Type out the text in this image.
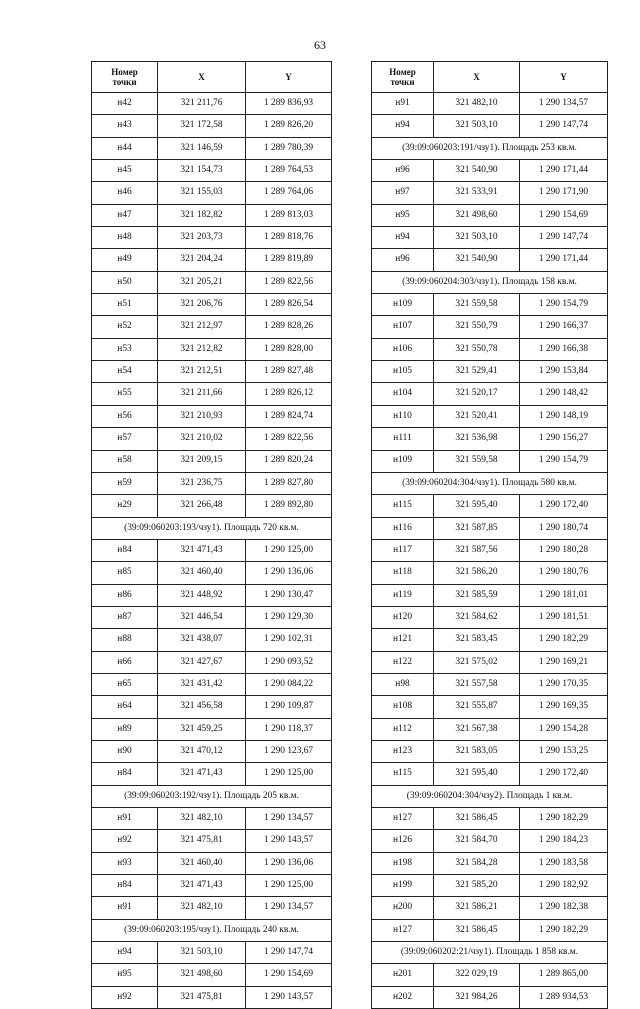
63
Номер
точки	X	Y
н42	321 211,76	1 289 836,93
н43	321 172,58	1 289 826,20
н44	321 146,59	1 289 780,39
н45	321 154,73	1 289 764,53
н46	321 155,03	1 289 764,06
н47	321 182,82	1 289 813,03
н48	321 203,73	1 289 818,76
н49	321 204,24	1 289 819,89
н50	321 205,21	1 289 822,56
н51	321 206,76	1 289 826,54
н52	321 212,97	1 289 828,26
н53	321 212,82	1 289 828,00
н54	321 212,51	1 289 827,48
н55	321 211,66	1 289 826,12
н56	321 210,93	1 289 824,74
н57	321 210,02	1 289 822,56
н58	321 209,15	1 289 820,24
н59	321 236,75	1 289 827,80
н29	321 266,48	1 289 892,80
(39:09:060203:193/чзу1). Площадь 720 кв.м.		
н84	321 471,43	1 290 125,00
н85	321 460,40	1 290 136,06
н86	321 448,92	1 290 130,47
н87	321 446,54	1 290 129,30
н88	321 438,07	1 290 102,31
н66	321 427,67	1 290 093,52
н65	321 431,42	1 290 084,22
н64	321 456,58	1 290 109,87
н89	321 459,25	1 290 118,37
н90	321 470,12	1 290 123,67
н84	321 471,43	1 290 125,00
(39:09:060203:192/чзу1). Площадь 205 кв.м.		
н91	321 482,10	1 290 134,57
н92	321 475,81	1 290 143,57
н93	321 460,40	1 290 136,06
н84	321 471,43	1 290 125,00
н91	321 482,10	1 290 134,57
(39:09:060203:195/чзу1). Площадь 240 кв.м.		
н94	321 503,10	1 290 147,74
н95	321 498,60	1 290 154,69
н92	321 475,81	1 290 143,57
Номер
точки	X	Y
н91	321 482,10	1 290 134,57
н94	321 503,10	1 290 147,74
(39:09:060203:191/чзу1). Площадь 253 кв.м.		
н96	321 540,90	1 290 171,44
н97	321 533,91	1 290 171,90
н95	321 498,60	1 290 154,69
н94	321 503,10	1 290 147,74
н96	321 540,90	1 290 171,44
(39:09:060204:303/чзу1). Площадь 158 кв.м.		
н109	321 559,58	1 290 154,79
н107	321 550,79	1 290 166,37
н106	321 550,78	1 290 166,38
н105	321 529,41	1 290 153,84
н104	321 520,17	1 290 148,42
н110	321 520,41	1 290 148,19
н111	321 536,98	1 290 156,27
н109	321 559,58	1 290 154,79
(39:09:060204:304/чзу1). Площадь 580 кв.м.		
н115	321 595,40	1 290 172,40
н116	321 587,85	1 290 180,74
н117	321 587,56	1 290 180,28
н118	321 586,20	1 290 180,76
н119	321 585,59	1 290 181,01
н120	321 584,62	1 290 181,51
н121	321 583,45	1 290 182,29
н122	321 575,02	1 290 169,21
н98	321 557,58	1 290 170,35
н108	321 555,87	1 290 169,35
н112	321 567,38	1 290 154,28
н123	321 583,05	1 290 153,25
н115	321 595,40	1 290 172,40
(39:09:060204:304/чзу2). Площадь 1 кв.м.		
н127	321 586,45	1 290 182,29
н126	321 584,70	1 290 184,23
н198	321 584,28	1 290 183,58
н199	321 585,20	1 290 182,92
н200	321 586,21	1 290 182,38
н127	321 586,45	1 290 182,29
(39:09:060202:21/чзу1). Площадь 1 858 кв.м.		
н201	322 029,19	1 289 865,00
н202	321 984,26	1 289 934,53
